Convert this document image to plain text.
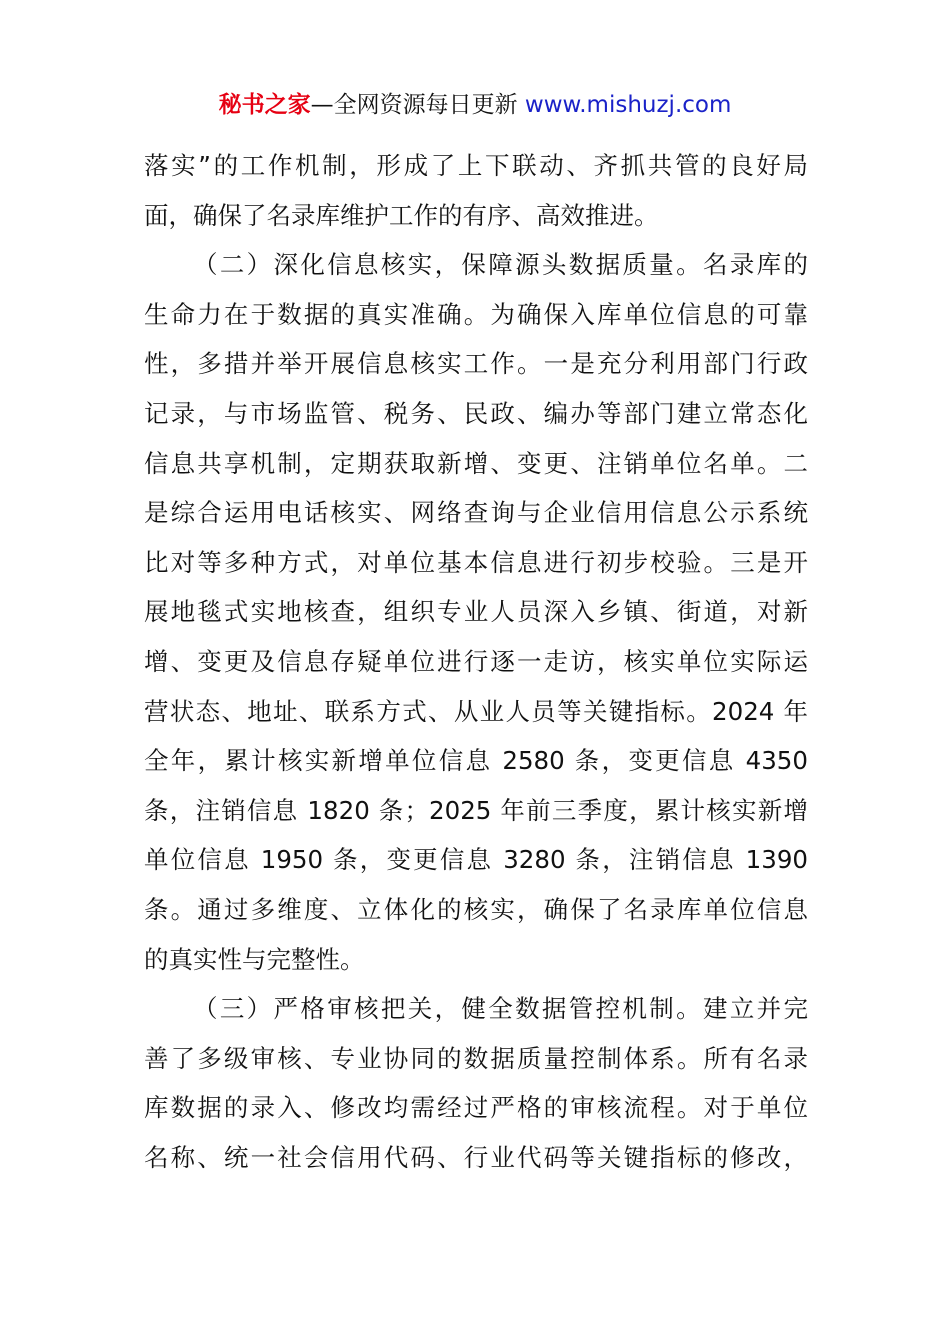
秘书之家—全网资源每日更新 www.mishuzj.com
落实”的工作机制，形成了上下联动、齐抓共管的良好局
面，确保了名录库维护工作的有序、高效推进。
（二）深化信息核实，保障源头数据质量。名录库的
生命力在于数据的真实准确。为确保入库单位信息的可靠
性，多措并举开展信息核实工作。一是充分利用部门行政
记录，与市场监管、税务、民政、编办等部门建立常态化
信息共享机制，定期获取新增、变更、注销单位名单。二
是综合运用电话核实、网络查询与企业信用信息公示系统
比对等多种方式，对单位基本信息进行初步校验。三是开
展地毯式实地核查，组织专业人员深入乡镇、街道，对新
增、变更及信息存疑单位进行逐一走访，核实单位实际运
营状态、地址、联系方式、从业人员等关键指标。2024 年
全年，累计核实新增单位信息 2580 条，变更信息 4350
条，注销信息 1820 条；2025 年前三季度，累计核实新增
单位信息 1950 条，变更信息 3280 条，注销信息 1390
条。通过多维度、立体化的核实，确保了名录库单位信息
的真实性与完整性。
（三）严格审核把关，健全数据管控机制。建立并完
善了多级审核、专业协同的数据质量控制体系。所有名录
库数据的录入、修改均需经过严格的审核流程。对于单位
名称、统一社会信用代码、行业代码等关键指标的修改，
